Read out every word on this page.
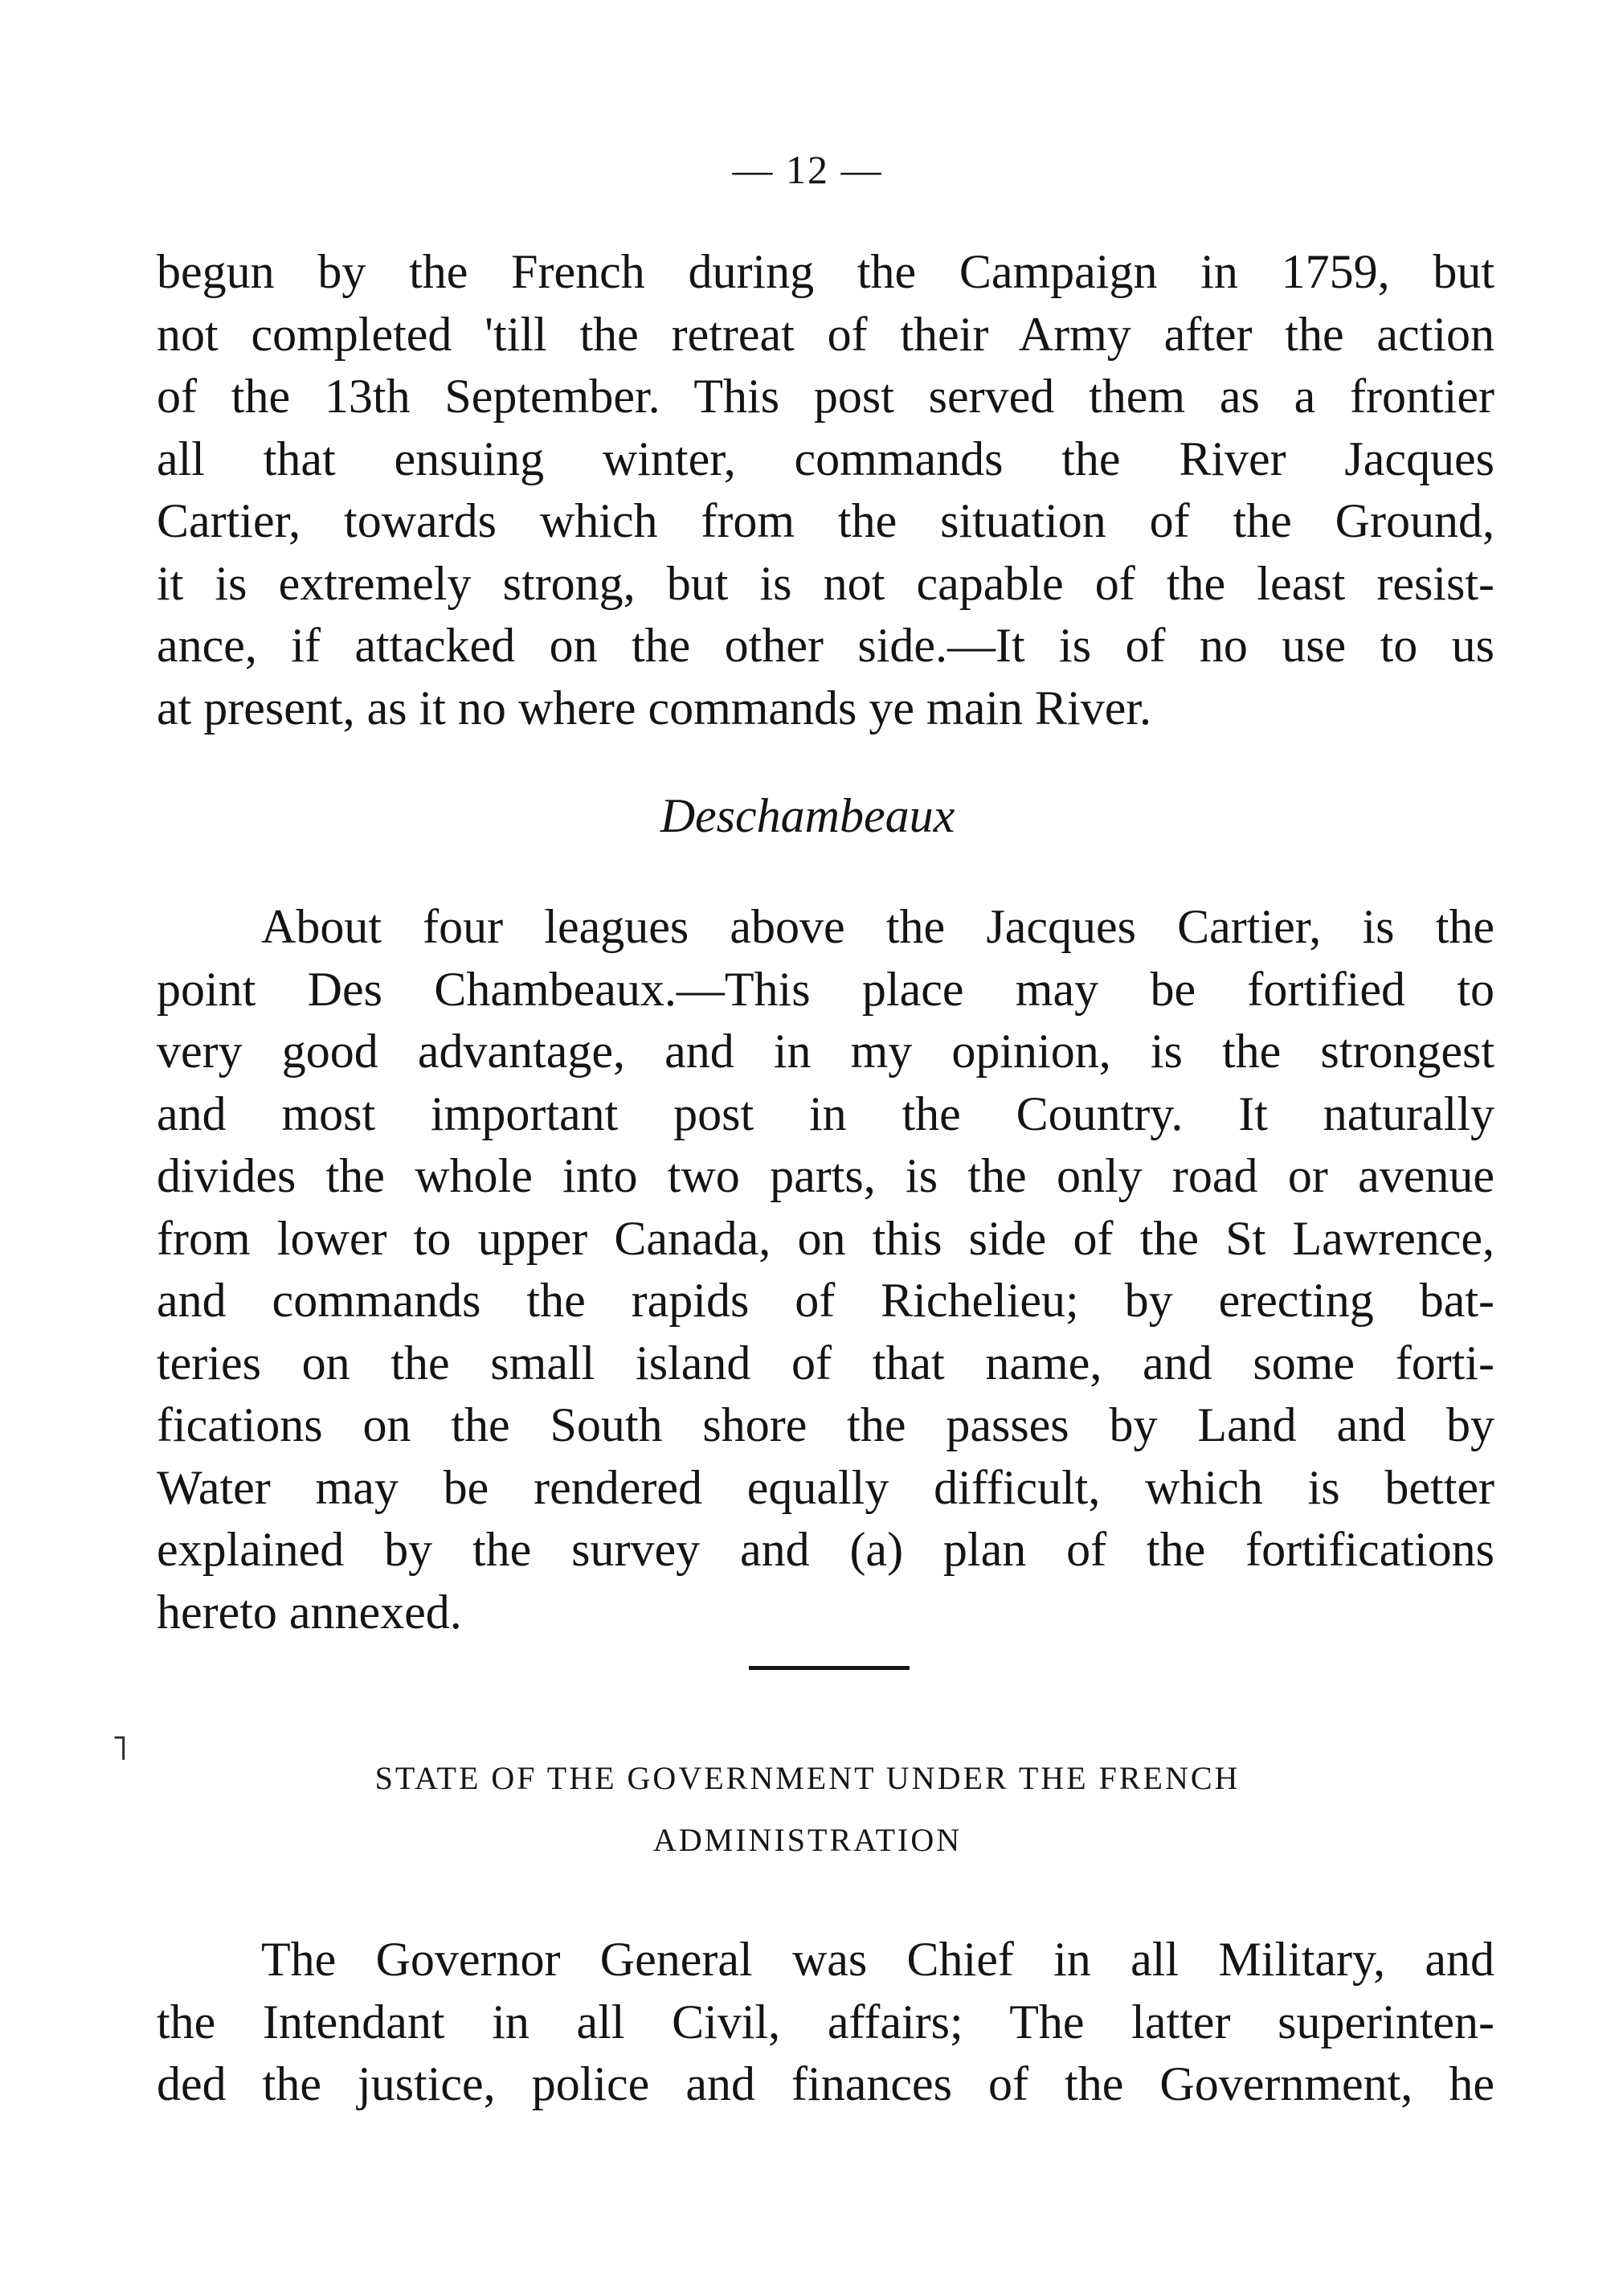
— 12 —
begun by the French during the Campaign in 1759, but
not completed 'till the retreat of their Army after the action
of the 13th September. This post served them as a frontier
all that ensuing winter, commands the River Jacques
Cartier, towards which from the situation of the Ground,
it is extremely strong, but is not capable of the least resist-
ance, if attacked on the other side.—It is of no use to us
at present, as it no where commands ye main River.
Deschambeaux
About four leagues above the Jacques Cartier, is the
point Des Chambeaux.—This place may be fortified to
very good advantage, and in my opinion, is the strongest
and most important post in the Country. It naturally
divides the whole into two parts, is the only road or avenue
from lower to upper Canada, on this side of the St Lawrence,
and commands the rapids of Richelieu; by erecting bat-
teries on the small island of that name, and some forti-
fications on the South shore the passes by Land and by
Water may be rendered equally difficult, which is better
explained by the survey and (a) plan of the fortifications
hereto annexed.
˥
STATE OF THE GOVERNMENT UNDER THE FRENCH
ADMINISTRATION
The Governor General was Chief in all Military, and
the Intendant in all Civil, affairs; The latter superinten-
ded the justice, police and finances of the Government, he
